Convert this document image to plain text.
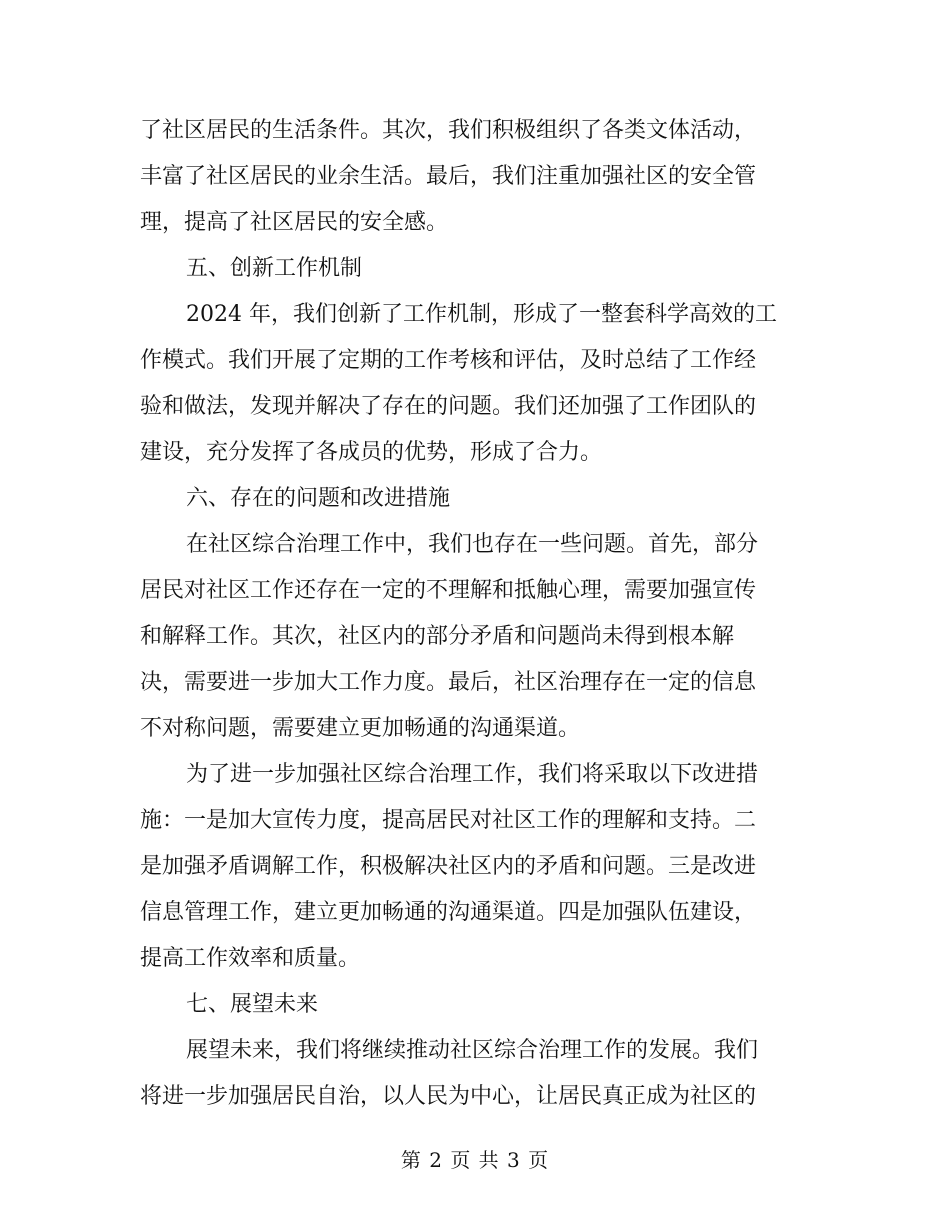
了社区居民的生活条件。其次，我们积极组织了各类文体活动，
丰富了社区居民的业余生活。最后，我们注重加强社区的安全管
理，提高了社区居民的安全感。
五、创新工作机制
2024 年，我们创新了工作机制，形成了一整套科学高效的工
作模式。我们开展了定期的工作考核和评估，及时总结了工作经
验和做法，发现并解决了存在的问题。我们还加强了工作团队的
建设，充分发挥了各成员的优势，形成了合力。
六、存在的问题和改进措施
在社区综合治理工作中，我们也存在一些问题。首先，部分
居民对社区工作还存在一定的不理解和抵触心理，需要加强宣传
和解释工作。其次，社区内的部分矛盾和问题尚未得到根本解
决，需要进一步加大工作力度。最后，社区治理存在一定的信息
不对称问题，需要建立更加畅通的沟通渠道。
为了进一步加强社区综合治理工作，我们将采取以下改进措
施：一是加大宣传力度，提高居民对社区工作的理解和支持。二
是加强矛盾调解工作，积极解决社区内的矛盾和问题。三是改进
信息管理工作，建立更加畅通的沟通渠道。四是加强队伍建设，
提高工作效率和质量。
七、展望未来
展望未来，我们将继续推动社区综合治理工作的发展。我们
将进一步加强居民自治，以人民为中心，让居民真正成为社区的
第 2 页 共 3 页
